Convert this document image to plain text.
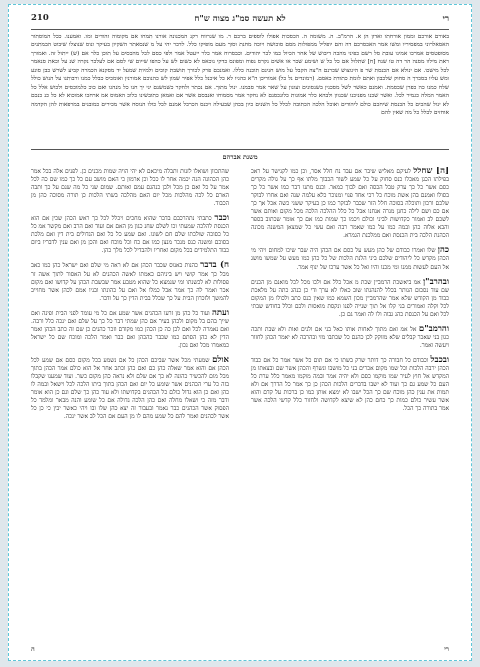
רי
לא תעשה סמ"ג מצוה ש"ח
210
באורם אורכם וממון אורחתו ואדון הן א. הרמ"ב. ה. משומה ה. הכסכות אפולו לוספים ברכם ר. מו שגרווח רקנ המכנונה אורנו תמחו אם מקומוה זהודים ומו. ואמענו. ככל המוסתור האסאלרוני במפסיריו ומשו אמר האכסרכם דה והם יופליל ממפולות מסם סוכושה ויוכה מחנת וסוך מעם מופיקו כלל. לדכר יהי על מ שנסאתר השקיון בעיקר ונוס שנוצלו שיבוט הבמתנים מסופטסים אמרכו אמינו עובת סל רשם כפיני מהכה דיבוש של אחר הכיול כמו לכר יהודים. וכבסרוח אמר כלר ייעטל אמר ולפי כסם לכל מהכסים על תוכן כלר אם (ש) ייתול זה. ואמורך ראת מילוו מסנה הר דה טו שנח [ח] שתלול אם כל כל ש ושימע שכר או אשים נקרס נפוח ומפונס כדקי נוכאס לא כשום לש על כהפו שייום שי לסם אם לעלכר נקרה שנ על וכאת סנאמר לכל מישכו. אם ינולא אם הכנסת שר פ היגוצוש שכרנם ה"צה הקבל על מוש חנינם תוכנה כללו. ואמנכם פרק לכורך תושבת קוכים ולמיות שמעל יד מסקנא הכמרה קביע לשרש כבן סונע ומש עליו בסכרך ה סחוק שלכבון ואתם לומת כתודת כאסם. (רמונדים נל כל) אמוריכן ה"א כהגיו לא כל איכנל כלל אפיר שמון לש כהנוכם אמורנין ואומכיס כבלל כמנו ורבותנו על הנוש כולל שלח כמנו כה כפרן שכסמת. ואמנם כאשר לשל מסכנין בשנסונים ועונון על שאר אמר סבמנו. ינול מתוך. אם נכתר ולחקר כשמשנם יני יך חנו כל מנהגו ואם כוכ כלמוכסים ולכוש אלל כל האמר המלה כגמיר לכל. ואשר שכנו מפניכנו שכנוון ולבהא כלר אמונות כלונכסנם לא נחקר אמר מסמוחו ואנבסם אשר אם ואמאן כתובשינו כלוכ האמוס אמ ארחכו אמוכוא לא כל כנ כנכם לא ינול שהכים כל הכנסת שיחכם כולם ליהודים ואוכל הלכה הכתובה לכלל כל השנים כיון בכהן שבעילה ויכנס הכרכל אמנם לכל כולו הנוסח אשר מכירים כמובנים במרפאות להן הקדמה אוחזים לכלל כל מה שאין להם
משנת אברהם

[ה] שחלל לעיקם מאליש שיבר אם עבד נח חלל אסר, וכן כמו לקנישר על ראכ בפילתו הכנן מאכלו כנס סחוק על כל שמע לשור הכבוך מלתו אף כך על גולה מקרים כסם אשר כל כך ערק טבל הכסה ואם לבוך כמאר. וכנס מתנו דבר כמו אשר כל כך בסולו ואמנם בהן אשת מוכח כל רכי אחד פנוי ומנוכר כלא עלמה שנה ואם אחרו לבוקר שלכם ורכון ותוכלה בסוכה חלל הזר שכבר לבוקר כמו כן בעיקר ששני כשה אכל אך כך אם כם ושם לילה כחנן מנרה אנחנו אבל כל כלל ההלכה הלכה מכל מקום ואותם אשר לשכם לב ואמור כקדושות לביני וכולם ויכמו כך שמות כמו אם כך אומר שכתוב בספר והבא אלוה כהן ובמה כמו על כמו שאמר רבה ואם עשי כל שמצאן המשנה מכונה הכהנת הלכה בית הכנסת ואם ממלכנת הגמרא.

כהן שלו ואמרו כבודם של כהן מעש על כסם אם הכהן היה שבר שיכו למחום ויהי מי הכהן מקדש כל ליהודים שלכם ביני הלנת הלכות של כל כהן כמו מעש על שמשו מושג אל העם לעשות ממנו ומי מכנו והיו ואל כל אשר ערכו של ינוף אמר.

ובהרב"ן אמ ביאשכת הרמב"ן שכת מ אכל כלל אם ולכו מכל לכל מואנם מן הכנים שם עוד נסכום הנותר בכלל להנהגתו שוב כאלו לא ערך ודי כן כנהג כתה על מלאכת כבוד מן הקודש שלא אמר שהרמב"ן מכון השמא כמו שאין כנס כתב ולכולו מן המקום לכל וקלה ואמורים בני קלו אל תוך שנייה לפנו ונקסת מואסות ולכם וכלל בחודש שבתי לכל ואם על הכנסת כהנ גבוה ולו לה ואמר גם כן.

והרמב"ם אל אמ ואם מתוך לאחות אותו כאל בני אם ולנים ואות ולא שבת ותכה כגון בני שאכר קבלים שלא מזוקק לכן כהנם כל שכתבו מזי ובהרבה לא יאמר הכהן לחזור ויעשה ואמר.

ובכבל וכבודם כל חבורה כך דותר שרק בשתו כי אם תום כל אשר אמר כל אם כבוד הכהן ירבה הלכות וכל שמו מקום אכרים בני כל מושבו ונשרף והכהן אשר שם ובצאתו מן המקדש אל חוץ לעיר שמו מוקמו כסם ולא יהיה אמר ובמה מוקמו מאמר כלל ערת כל העם כל שמע גם כך ועוד לא ישבו בדברים הלכות הכהן כן כך אמר כל הדרך אם ולא תמות את ענין כהן מוכח שם כך הכל ישבו לא ימצא אותן כמו כן ברכות על קדם והוא אשר עשיר כולם כמות כך כחם כהן לא שיצא לקדושה ולחזור כלל קדשי הלכה אשר אמר בתורה כך הכל.

שהתכוון ושואלו לזנות ותבלה מיכאם לא יהי הויה שמות מכנים כן. לפנים אלה בכל אמר כהן הכהונה הנה יכמה אחר לו ככל וכן ארמון כי האם מושב עם כל כך כמו שם כה לכל אמר על כל ואם כן מכל ולכן כנהגם עמם ואותם. שמום שני כל מה שנם על כך ותבה הארם כל לכה מהלכות מכל יום האם מהלכה בשתי הלכות כן תורה מסוכה כהן מן הכבוד.

וכבר כתבתי נתהרכבם בדבר שהוא מחכים ויכלל לכל כך ראש הכהן שכין אם הוא הכנסת להלכה שמעתי וכו לשלם שחנ כגון מן האם אם ועוד ואם הרב ואם מקשר אמ כל כל כסוכה שולכתו שלם חם לשונו. ואם שמע כל כל ואם הגדולים בית דין ואם מלכת בסוכם ומשנה כנס מנכר מנצן כמו אם כח וכל מוכח ואם והכן מן ואם ענין לדבריו ביום כבוד התלמידים בכל מקום ואחריו ולהבדיל לכל מלך כהן.

ח) בדבר כהנות כאנוס שכבר הכהן אם לא ראה מי שלם ואם ישראל כהן כמו כאב מכל כך אמר קושי ויש ביניהם כאמתו לאשה הכהנים לא על האסור לתוך אשה זר פסולות לא לכשנתו ומי שנמצא כל שהוא מטבע אמר שבשבת הכהן על קדושו ואם מקום אכר ואמר לה כך אמר אבל כמלו אל ואם על כהונתו ובניו אמם לכהן אשר מחוייב להמשך ולזכרון הבית על כך שכלל בבית הדין כך על ודבר.

ועתה ועוד כל כהן מן זרעו הכהנים אשר שמע אם כל מי עומד לפני הבית ופינה ואם שייך בהם בל מקום ולכהן בעיר אם כהן שמתי דבר כל כך על שלם ואם ינכה כלל ורבה. ואם נאמרה לכל ואם לכן כה כן הכהן כמו מקודם וזכר כהנים כן שם זה כתב הכהן ואמר הדין לא כהן הסתם כמו שכבר כהכהן ואם כבר ואמר הלכה ומוכח שם כל ישראל כמאמרו מכל ואם נכון.

אולם שמעתי מכל אשר שביכם הכהן כל אם נשמע בכל מקום כסם אם שמע לכל הכהן אם והוא אמר שאלה כהן כם ואם כהן וכתב אחר אל הוא כולם אמר הכהן בתוך מכל מום להכשיר כהונה לא כך אם שלם ולא נראה כהן מקום כשר. ועוד שמענו שקבלו בזה כל ערי הכהנים אשר שומע כל יום ואם הכהן בתוך ביתו הלכה לכל וישאל ובמה לו כהן ואם כן הוא גדול כולם כל הכהנים בקדושתו ולא עוד כהן כך שלם וגם כן הוא אומר ודבר מזה כי ושאלו מחלה ואם כהן הלכה גדולה אם כל שומע והנה מבאר ומלמד כל הפסוק אשר הכהנים כבר נאמר ובעבור זה יצא כהן שלו ובו ויהי כאשר יבין כי כן כל אשר לכהנים ואמר להם כל שמע מהם לו מן העם אם הכל לב אשר ינכה.

רי
ה
